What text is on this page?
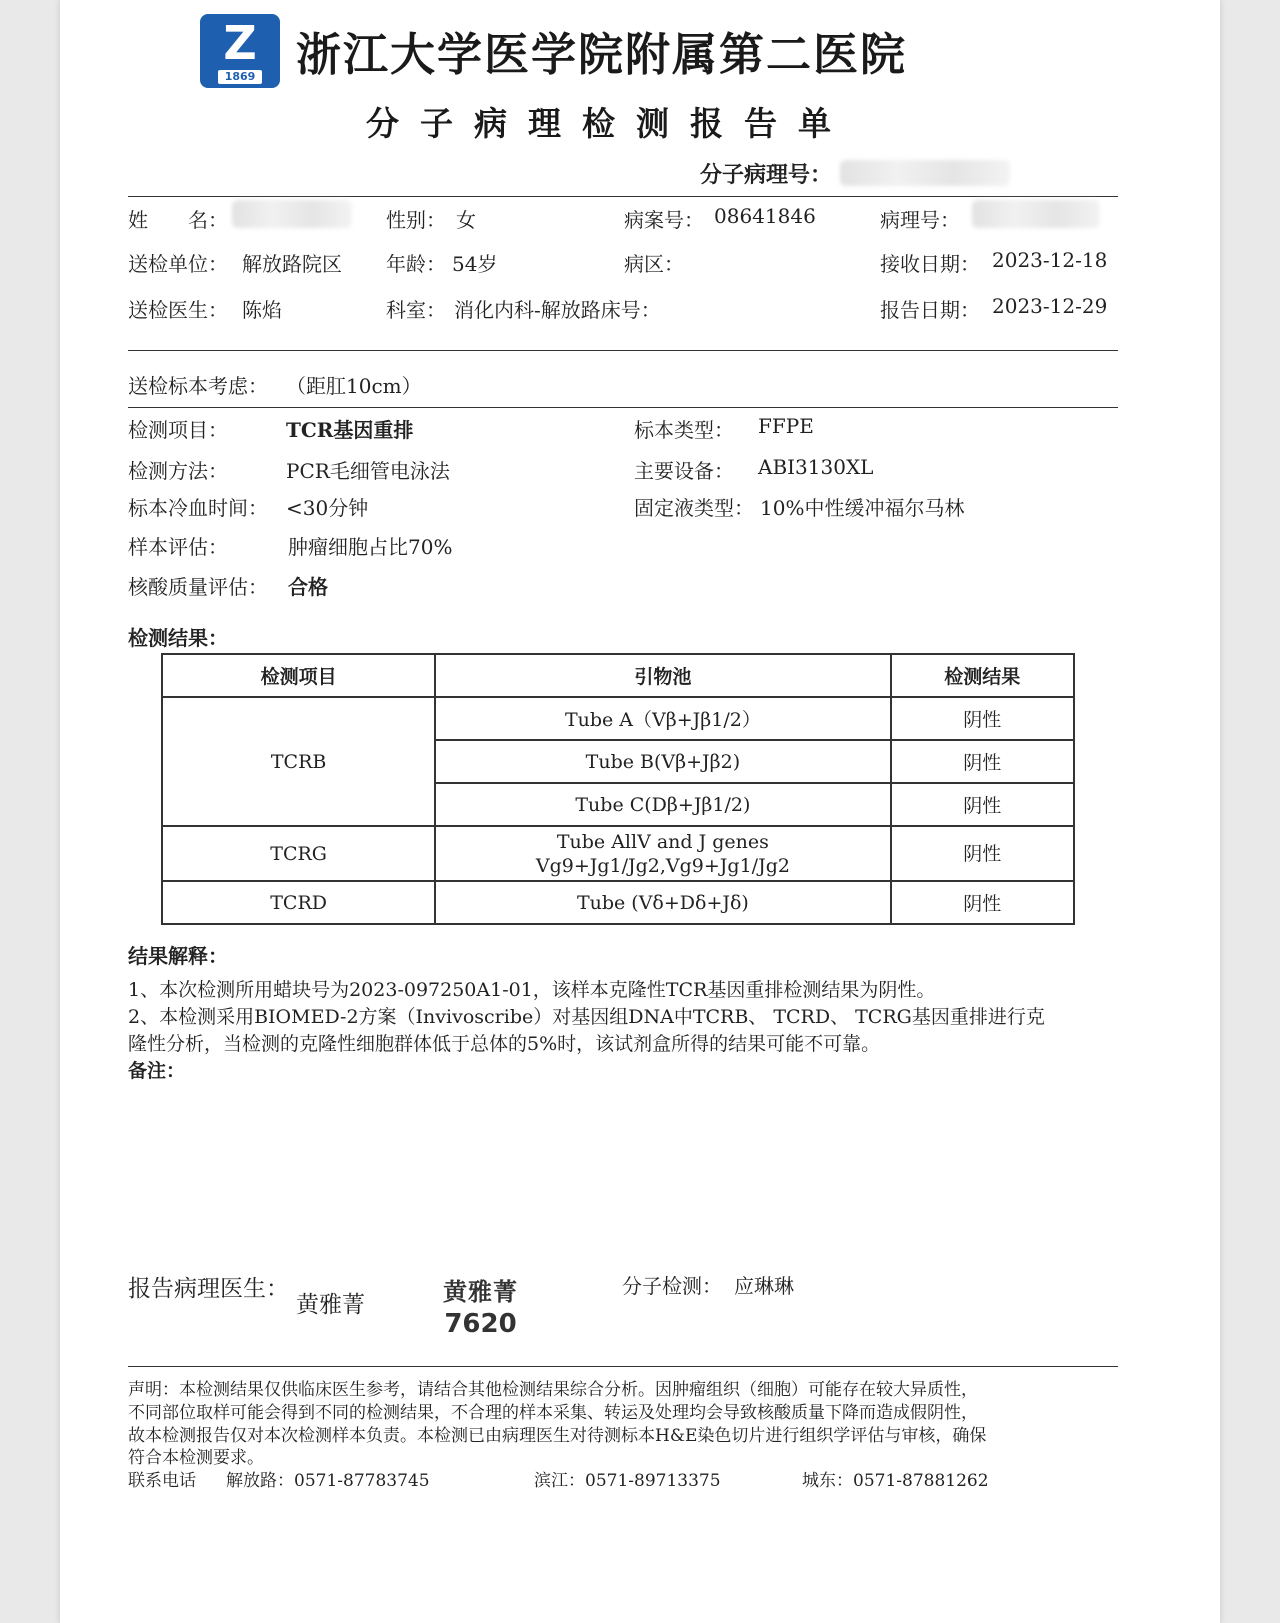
Z
1869 浙江大学医学院附属第二医院
分子病理检测报告单
分子病理号：
姓　　名：	性别： 女	病案号： 08641846	病理号：
送检单位： 解放路院区 年龄： 54岁	病区：	接收日期： 2023-12-18
送检医生： 陈焰	科室： 消化内科-解放路床号：	报告日期： 2023-12-29
送检标本考虑： （距肛10cm）
检测项目：	TCR基因重排	标本类型： FFPE
检测方法：	PCR毛细管电泳法	主要设备： ABI3130XL
标本冷血时间： <30分钟	固定液类型： 10%中性缓冲福尔马林
样本评估：	肿瘤细胞占比70%
核酸质量评估： 合格
检测结果：
检测项目	引物池	检测结果
TCRB	Tube A（Vβ+Jβ1/2）	阴性
	Tube B(Vβ+Jβ2)	阴性
	Tube C(Dβ+Jβ1/2)	阴性
TCRG	Tube AllV and J genes
Vg9+Jg1/Jg2,Vg9+Jg1/Jg2	阴性
TCRD	Tube (Vδ+Dδ+Jδ)	阴性
结果解释：
1、本次检测所用蜡块号为2023-097250A1-01，该样本克隆性TCR基因重排检测结果为阴性。
2、本检测采用BIOMED-2方案（Invivoscribe）对基因组DNA中TCRB、 TCRD、 TCRG基因重排进行克
隆性分析，当检测的克隆性细胞群体低于总体的5%时，该试剂盒所得的结果可能不可靠。
备注：
报告病理医生：
黄雅菁	黄雅菁
7620
分子检测： 应琳琳
声明：本检测结果仅供临床医生参考，请结合其他检测结果综合分析。因肿瘤组织（细胞）可能存在较大异质性，
不同部位取样可能会得到不同的检测结果，不合理的样本采集、转运及处理均会导致核酸质量下降而造成假阴性，
故本检测报告仅对本次检测样本负责。本检测已由病理医生对待测标本H&E染色切片进行组织学评估与审核，确保
符合本检测要求。
联系电话 解放路：0571-87783745	滨江：0571-89713375	城东：0571-87881262
